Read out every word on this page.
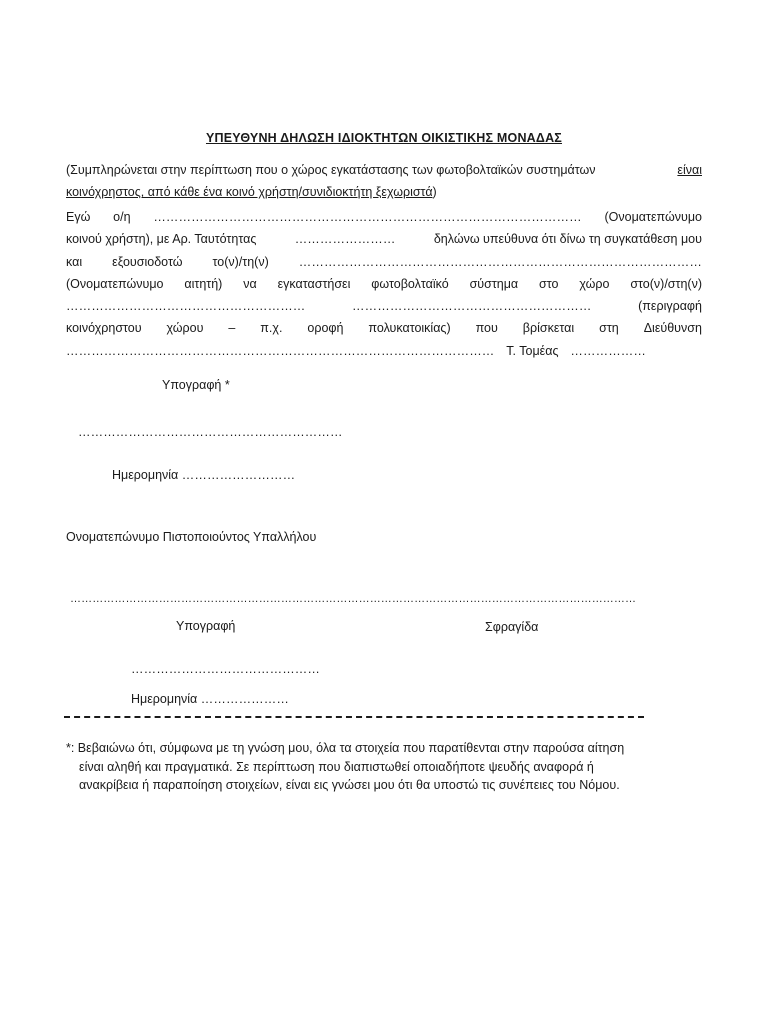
ΥΠΕΥΘΥΝΗ ΔΗΛΩΣΗ ΙΔΙΟΚΤΗΤΩΝ ΟΙΚΙΣΤΙΚΗΣ ΜΟΝΑΔΑΣ
(Συμπληρώνεται στην περίπτωση που ο χώρος εγκατάστασης των φωτοβολταϊκών συστημάτων	είναι
κοινόχρηστος, από κάθε ένα κοινό χρήστη/συνιδιοκτήτη ξεχωριστά )
Εγώ ο/η ………………………………………………………………………………………… (Ονοματεπώνυμο
κοινού χρήστη), με Αρ. Ταυτότητας	……………………	δηλώνω υπεύθυνα ότι δίνω τη συγκατάθεση μου
και εξουσιοδοτώ το(ν)/τη(ν) ……………………………………………………………………………………
(Ονοματεπώνυμο αιτητή) να εγκαταστήσει φωτοβολταϊκό σύστημα στο χώρο στο(ν)/στη(ν)
…………………………………………………	…………………………………………………	(περιγραφή
κοινόχρηστου χώρου – π.χ. οροφή πολυκατοικίας) που βρίσκεται στη Διεύθυνση
………………………………………………………………………………………… Τ. Τομέας ………………
Υπογραφή *
………………………………………………………
Ημερομηνία ………………………
Ονοματεπώνυμο Πιστοποιούντος Υπαλλήλου
………………………………………………………………………………………………………………………………………
Υπογραφή	Σφραγίδα
………………………………………
Ημερομηνία …………………
*: Βεβαιώνω ότι, σύμφωνα με τη γνώση μου, όλα τα στοιχεία που παρατίθενται στην παρούσα αίτηση
είναι αληθή και πραγματικά. Σε περίπτωση που διαπιστωθεί οποιαδήποτε ψευδής αναφορά ή
ανακρίβεια ή παραποίηση στοιχείων, είναι εις γνώσει μου ότι θα υποστώ τις συνέπειες του Νόμου.
